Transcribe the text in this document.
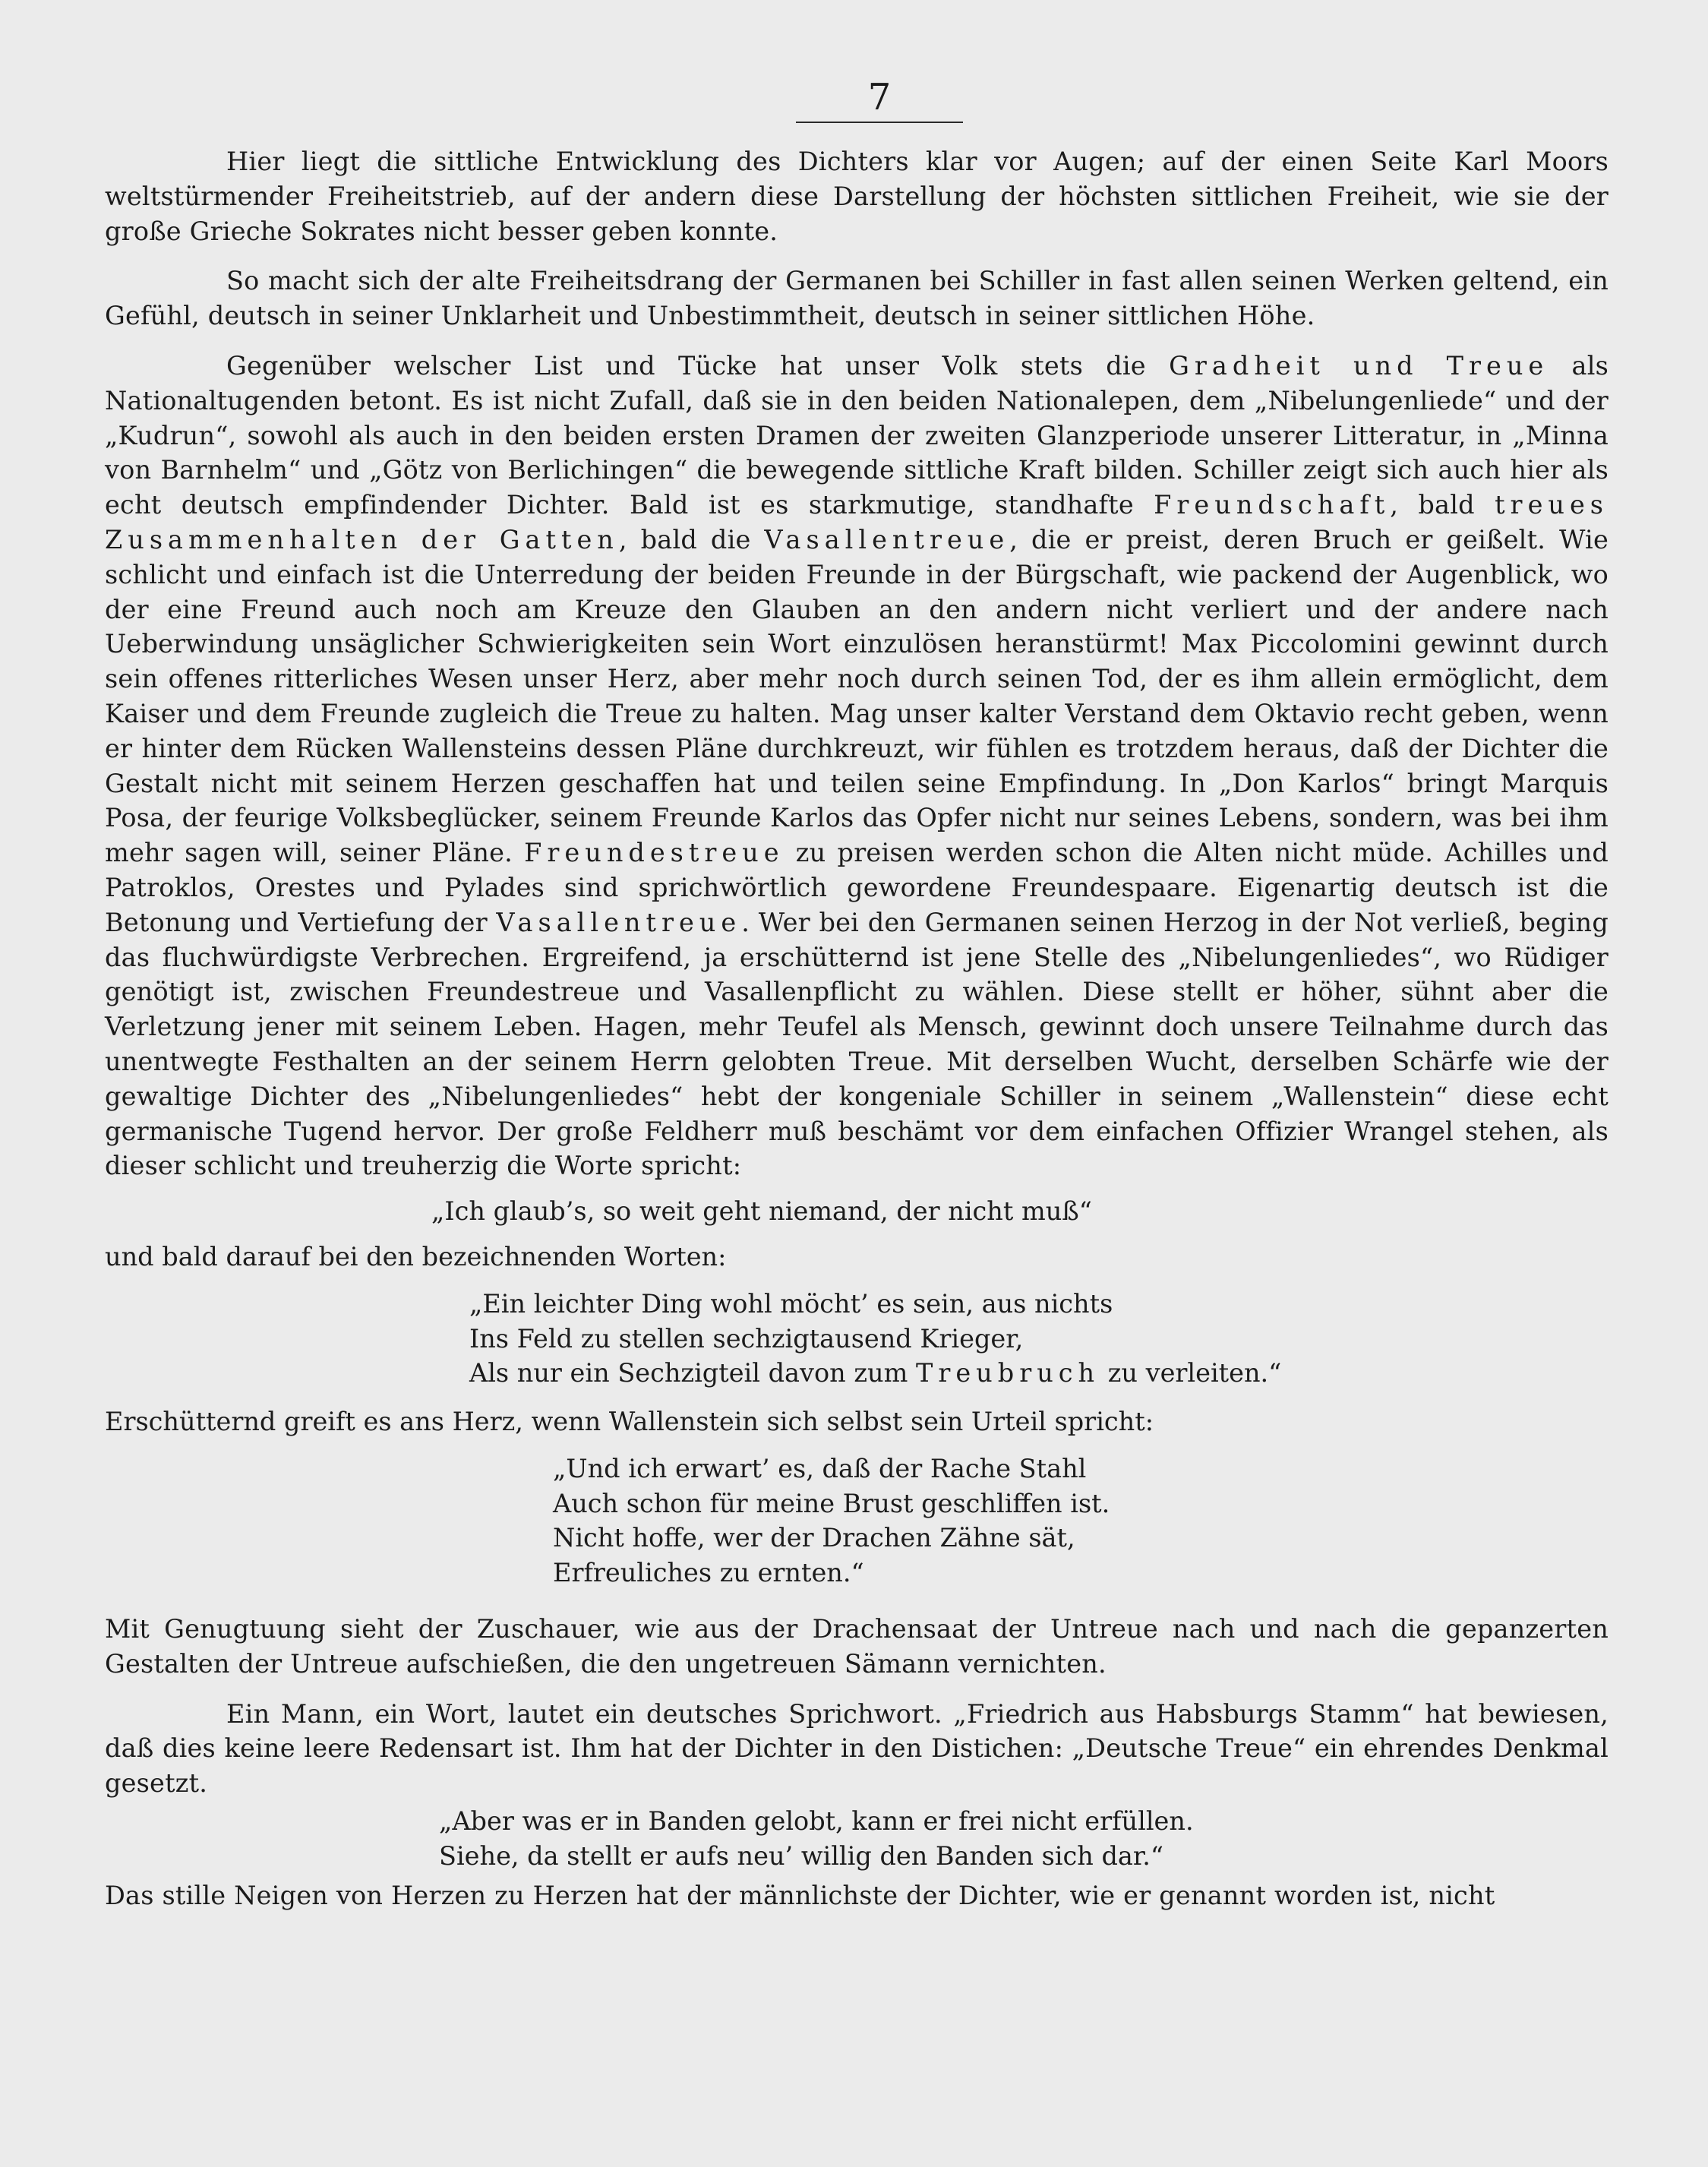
7

Hier liegt die sittliche Entwicklung des Dichters klar vor Augen; auf der einen Seite Karl Moors weltstürmender Freiheitstrieb, auf der andern diese Darstellung der höchsten sittlichen Freiheit, wie sie der große Grieche Sokrates nicht besser geben konnte.

So macht sich der alte Freiheitsdrang der Germanen bei Schiller in fast allen seinen Werken geltend, ein Gefühl, deutsch in seiner Unklarheit und Unbestimmtheit, deutsch in seiner sittlichen Höhe.

Gegenüber welscher List und Tücke hat unser Volk stets die Gradheit und Treue als Nationaltugenden betont. Es ist nicht Zufall, daß sie in den beiden Nationalepen, dem „Nibelungenliede“ und der „Kudrun“, sowohl als auch in den beiden ersten Dramen der zweiten Glanzperiode unserer Litteratur, in „Minna von Barnhelm“ und „Götz von Berlichingen“ die bewegende sittliche Kraft bilden. Schiller zeigt sich auch hier als echt deutsch empfindender Dichter. Bald ist es starkmutige, standhafte Freundschaft, bald treues Zusammenhalten der Gatten, bald die Vasallentreue, die er preist, deren Bruch er geißelt. Wie schlicht und einfach ist die Unterredung der beiden Freunde in der Bürgschaft, wie packend der Augenblick, wo der eine Freund auch noch am Kreuze den Glauben an den andern nicht verliert und der andere nach Ueberwindung unsäglicher Schwierigkeiten sein Wort einzulösen heranstürmt! Max Piccolomini gewinnt durch sein offenes ritterliches Wesen unser Herz, aber mehr noch durch seinen Tod, der es ihm allein ermöglicht, dem Kaiser und dem Freunde zugleich die Treue zu halten. Mag unser kalter Verstand dem Oktavio recht geben, wenn er hinter dem Rücken Wallensteins dessen Pläne durchkreuzt, wir fühlen es trotzdem heraus, daß der Dichter die Gestalt nicht mit seinem Herzen geschaffen hat und teilen seine Empfindung. In „Don Karlos“ bringt Marquis Posa, der feurige Volksbeglücker, seinem Freunde Karlos das Opfer nicht nur seines Lebens, sondern, was bei ihm mehr sagen will, seiner Pläne. Freundestreue zu preisen werden schon die Alten nicht müde. Achilles und Patroklos, Orestes und Pylades sind sprichwörtlich gewordene Freundespaare. Eigenartig deutsch ist die Betonung und Vertiefung der Vasallentreue. Wer bei den Germanen seinen Herzog in der Not verließ, beging das fluchwürdigste Verbrechen. Ergreifend, ja erschütternd ist jene Stelle des „Nibelungenliedes“, wo Rüdiger genötigt ist, zwischen Freundestreue und Vasallenpflicht zu wählen. Diese stellt er höher, sühnt aber die Verletzung jener mit seinem Leben. Hagen, mehr Teufel als Mensch, gewinnt doch unsere Teilnahme durch das unentwegte Festhalten an der seinem Herrn gelobten Treue. Mit derselben Wucht, derselben Schärfe wie der gewaltige Dichter des „Nibelungenliedes“ hebt der kongeniale Schiller in seinem „Wallenstein“ diese echt germanische Tugend hervor. Der große Feldherr muß beschämt vor dem einfachen Offizier Wrangel stehen, als dieser schlicht und treuherzig die Worte spricht:

„Ich glaub’s, so weit geht niemand, der nicht muß“

und bald darauf bei den bezeichnenden Worten:

„Ein leichter Ding wohl möcht’ es sein, aus nichts

Ins Feld zu stellen sechzigtausend Krieger,

Als nur ein Sechzigteil davon zum Treubruch zu verleiten.“

Erschütternd greift es ans Herz, wenn Wallenstein sich selbst sein Urteil spricht:

„Und ich erwart’ es, daß der Rache Stahl

Auch schon für meine Brust geschliffen ist.

Nicht hoffe, wer der Drachen Zähne sät,

Erfreuliches zu ernten.“

Mit Genugtuung sieht der Zuschauer, wie aus der Drachensaat der Untreue nach und nach die gepanzerten Gestalten der Untreue aufschießen, die den ungetreuen Sämann vernichten.

Ein Mann, ein Wort, lautet ein deutsches Sprichwort. „Friedrich aus Habsburgs Stamm“ hat bewiesen, daß dies keine leere Redensart ist. Ihm hat der Dichter in den Distichen: „Deutsche Treue“ ein ehrendes Denkmal gesetzt.

„Aber was er in Banden gelobt, kann er frei nicht erfüllen.

Siehe, da stellt er aufs neu’ willig den Banden sich dar.“

Das stille Neigen von Herzen zu Herzen hat der männlichste der Dichter, wie er genannt worden ist, nicht
